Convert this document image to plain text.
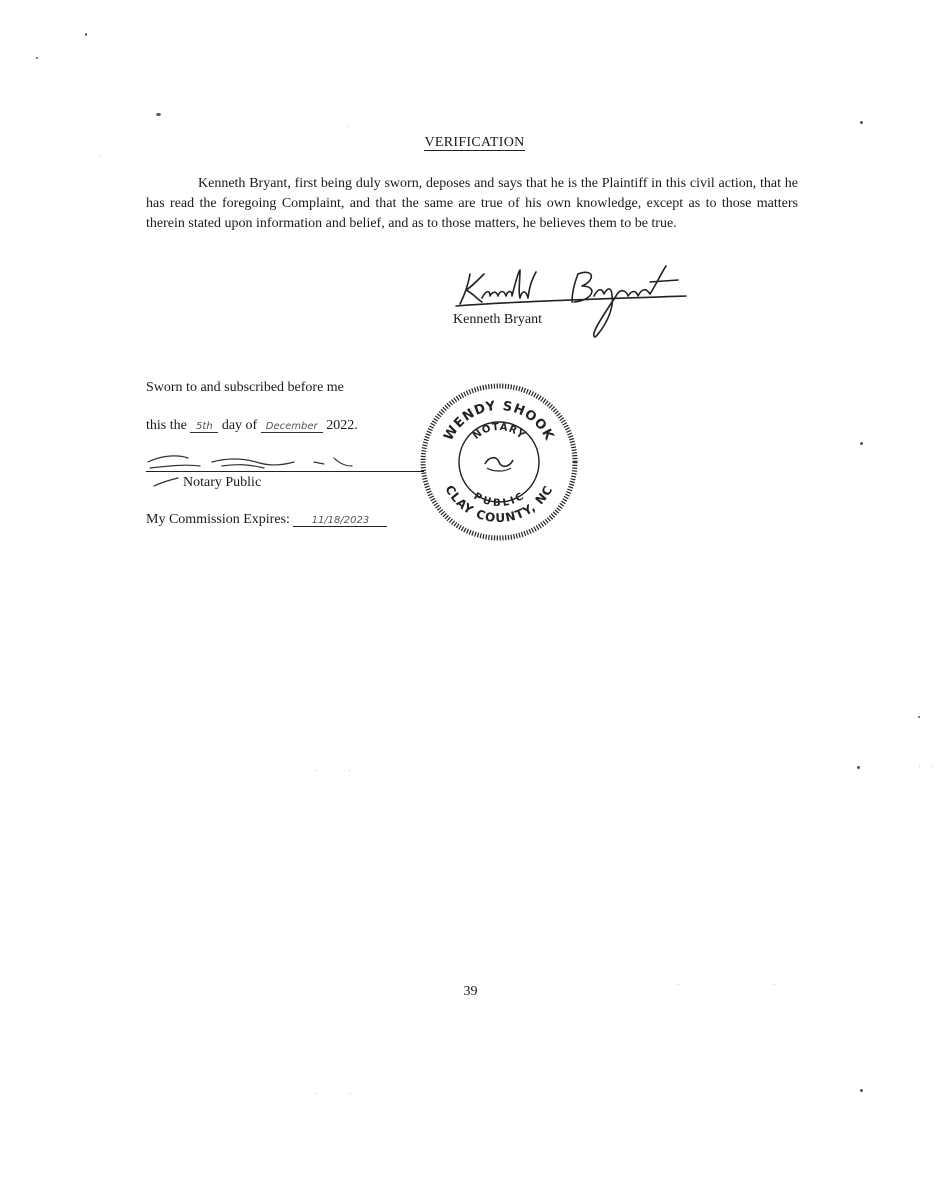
VERIFICATION
Kenneth Bryant, first being duly sworn, deposes and says that he is the Plaintiff in this civil action, that he has read the foregoing Complaint, and that the same are true of his own knowledge, except as to those matters therein stated upon information and belief, and as to those matters, he believes them to be true.
Kenneth Bryant
Sworn to and subscribed before me
this the 5th day of December 2022.
Notary Public
My Commission Expires: 11/18/2023
WENDY SHOOK
CLAY COUNTY, NC
NOTARY
PUBLIC
39
